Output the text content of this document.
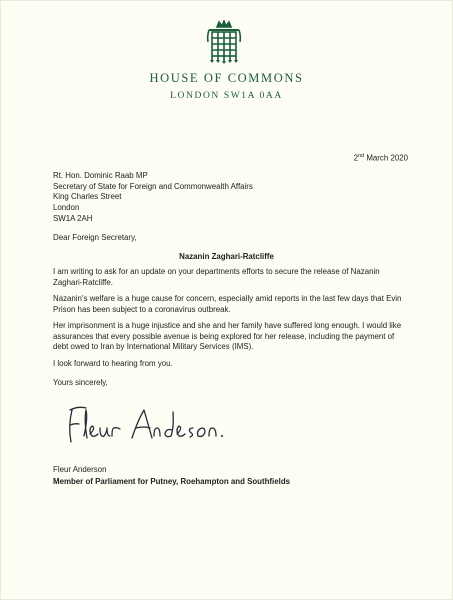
HOUSE OF COMMONS
LONDON SW1A 0AA
2nd March 2020
Rt. Hon. Dominic Raab MP
Secretary of State for Foreign and Commonwealth Affairs
King Charles Street
London
SW1A 2AH
Dear Foreign Secretary,
Nazanin Zaghari-Ratcliffe

I am writing to ask for an update on your departments efforts to secure the release of Nazanin Zaghari-Ratcliffe.

Nazanin's welfare is a huge cause for concern, especially amid reports in the last few days that Evin Prison has been subject to a coronavirus outbreak.

Her imprisonment is a huge injustice and she and her family have suffered long enough. I would like assurances that every possible avenue is being explored for her release, including the payment of debt owed to Iran by International Military Services (IMS).

I look forward to hearing from you.

Yours sincerely,
Fleur Anderson
Member of Parliament for Putney, Roehampton and Southfields
